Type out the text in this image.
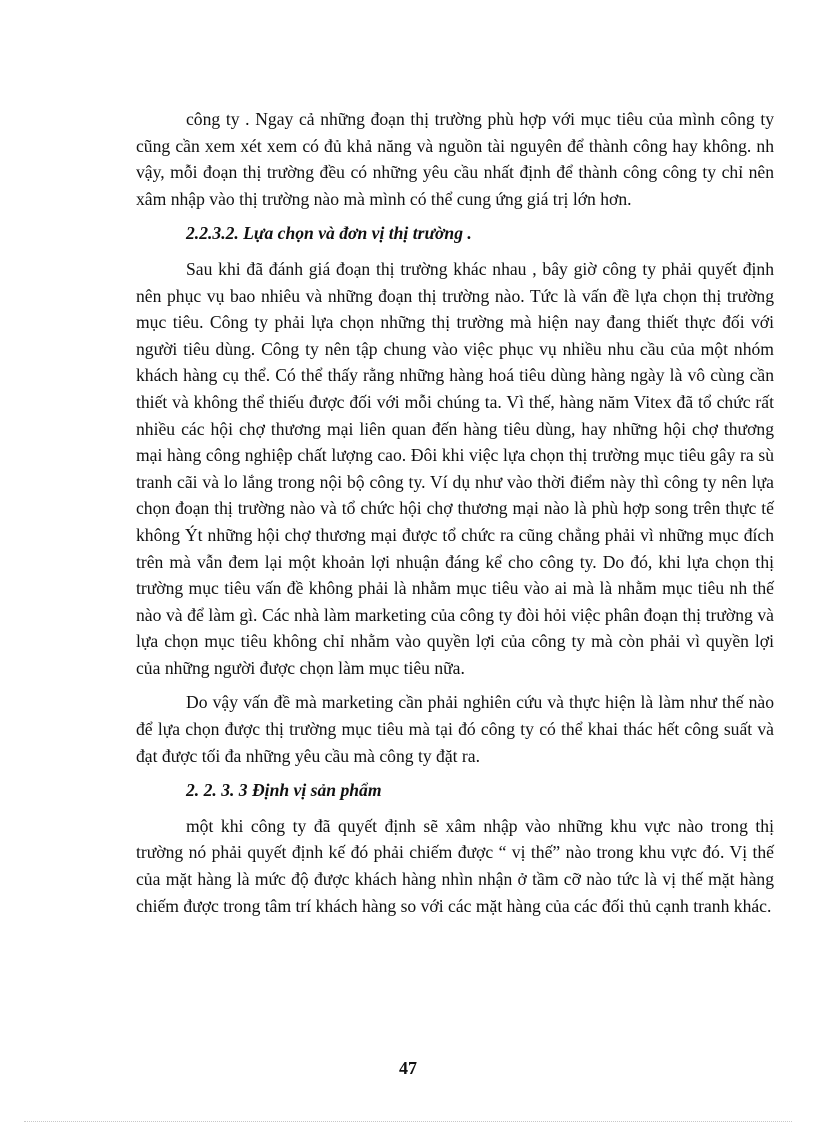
công ty . Ngay cả những đoạn thị trường phù hợp với mục tiêu của mình công ty cũng cần xem xét xem có đủ khả năng và nguồn tài nguyên để thành công hay không. nh vậy, mỗi đoạn thị trường đều có những yêu cầu nhất định để thành công công ty chỉ nên xâm nhập vào thị trường nào mà mình có thể cung ứng giá trị lớn hơn.

2.2.3.2. Lựa chọn và đơn vị thị trường .

Sau khi đã đánh giá đoạn thị trường khác nhau , bây giờ công ty phải quyết định nên phục vụ bao nhiêu và những đoạn thị trường nào. Tức là vấn đề lựa chọn thị trường mục tiêu. Công ty phải lựa chọn những thị trường mà hiện nay đang thiết thực đối với người tiêu dùng. Công ty nên tập chung vào việc phục vụ nhiều nhu cầu của một nhóm khách hàng cụ thể. Có thể thấy rằng những hàng hoá tiêu dùng hàng ngày là vô cùng cần thiết và không thể thiếu được đối với mỗi chúng ta. Vì thế, hàng năm Vitex đã tổ chức rất nhiều các hội chợ thương mại liên quan đến hàng tiêu dùng, hay những hội chợ thương mại hàng công nghiệp chất lượng cao. Đôi khi việc lựa chọn thị trường mục tiêu gây ra sù tranh cãi và lo lắng trong nội bộ công ty. Ví dụ như vào thời điểm này thì công ty nên lựa chọn đoạn thị trường nào và tổ chức hội chợ thương mại nào là phù hợp song trên thực tế không Ýt những hội chợ thương mại được tổ chức ra cũng chẳng phải vì những mục đích trên mà vẫn đem lại một khoản lợi nhuận đáng kể cho công ty. Do đó, khi lựa chọn thị trường mục tiêu vấn đề không phải là nhằm mục tiêu vào ai mà là nhằm mục tiêu nh thế nào và để làm gì. Các nhà làm marketing của công ty đòi hỏi việc phân đoạn thị trường và lựa chọn mục tiêu không chỉ nhằm vào quyền lợi của công ty mà còn phải vì quyền lợi của những người được chọn làm mục tiêu nữa.

Do vậy vấn đề mà marketing cần phải nghiên cứu và thực hiện là làm như thế nào để lựa chọn được thị trường mục tiêu mà tại đó công ty có thể khai thác hết công suất và đạt được tối đa những yêu cầu mà công ty đặt ra.

2. 2. 3. 3 Định vị sản phẩm

một khi công ty đã quyết định sẽ xâm nhập vào những khu vực nào trong thị trường nó phải quyết định kế đó phải chiếm được “ vị thế” nào trong khu vực đó. Vị thế của mặt hàng là mức độ được khách hàng nhìn nhận ở tầm cỡ nào tức là vị thế mặt hàng chiếm được trong tâm trí khách hàng so với các mặt hàng của các đối thủ cạnh tranh khác.

47
